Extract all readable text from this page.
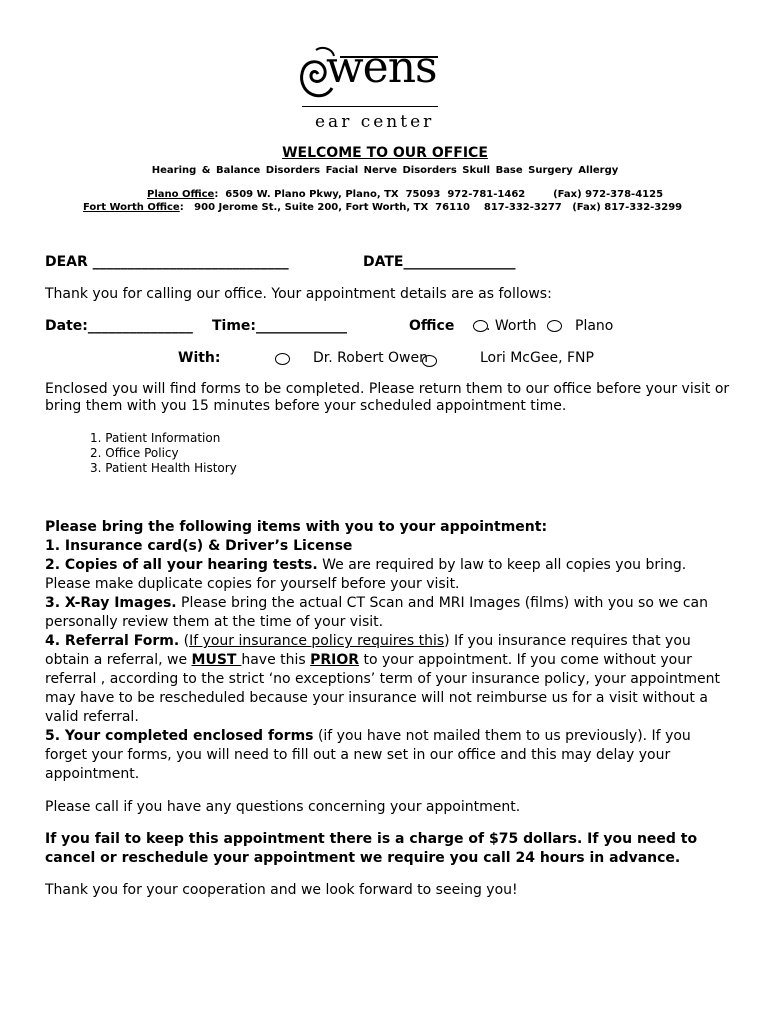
wens
ear center
WELCOME TO OUR OFFICE
Hearing & Balance Disorders Facial Nerve Disorders Skull Base Surgery Allergy
Plano Office:  6509 W. Plano Pkwy, Plano, TX  75093  972-781-1462        (Fax) 972-378-4125
Fort Worth Office:   900 Jerome St., Suite 200, Fort Worth, TX  76110    817-332-3277   (Fax) 817-332-3299
DEAR ____________________________	DATE________________
Thank you for calling our office. Your appointment details are as follows:
Date:_______________ Time:_____________	Office . Worth	Plano
With:	Dr. Robert Owen	Lori McGee, FNP
Enclosed you will find forms to be completed. Please return them to our office before your visit or bring them with you 15 minutes before your scheduled appointment time.
1. Patient Information
2. Office Policy
3. Patient Health History
Please bring the following items with you to your appointment:
1. Insurance card(s) & Driver’s License
2. Copies of all your hearing tests. We are required by law to keep all copies you bring. Please make duplicate copies for yourself before your visit.
3. X-Ray Images. Please bring the actual CT Scan and MRI Images (films) with you so we can personally review them at the time of your visit.
4. Referral Form. (If your insurance policy requires this) If you insurance requires that you obtain a referral, we MUST have this PRIOR to your appointment. If you come without your referral , according to the strict ‘no exceptions’ term of your insurance policy, your appointment may have to be rescheduled because your insurance will not reimburse us for a visit without a valid referral.
5. Your completed enclosed forms (if you have not mailed them to us previously). If you forget your forms, you will need to fill out a new set in our office and this may delay your appointment.
Please call if you have any questions concerning your appointment.
If you fail to keep this appointment there is a charge of $75 dollars. If you need to cancel or reschedule your appointment we require you call 24 hours in advance.
Thank you for your cooperation and we look forward to seeing you!
